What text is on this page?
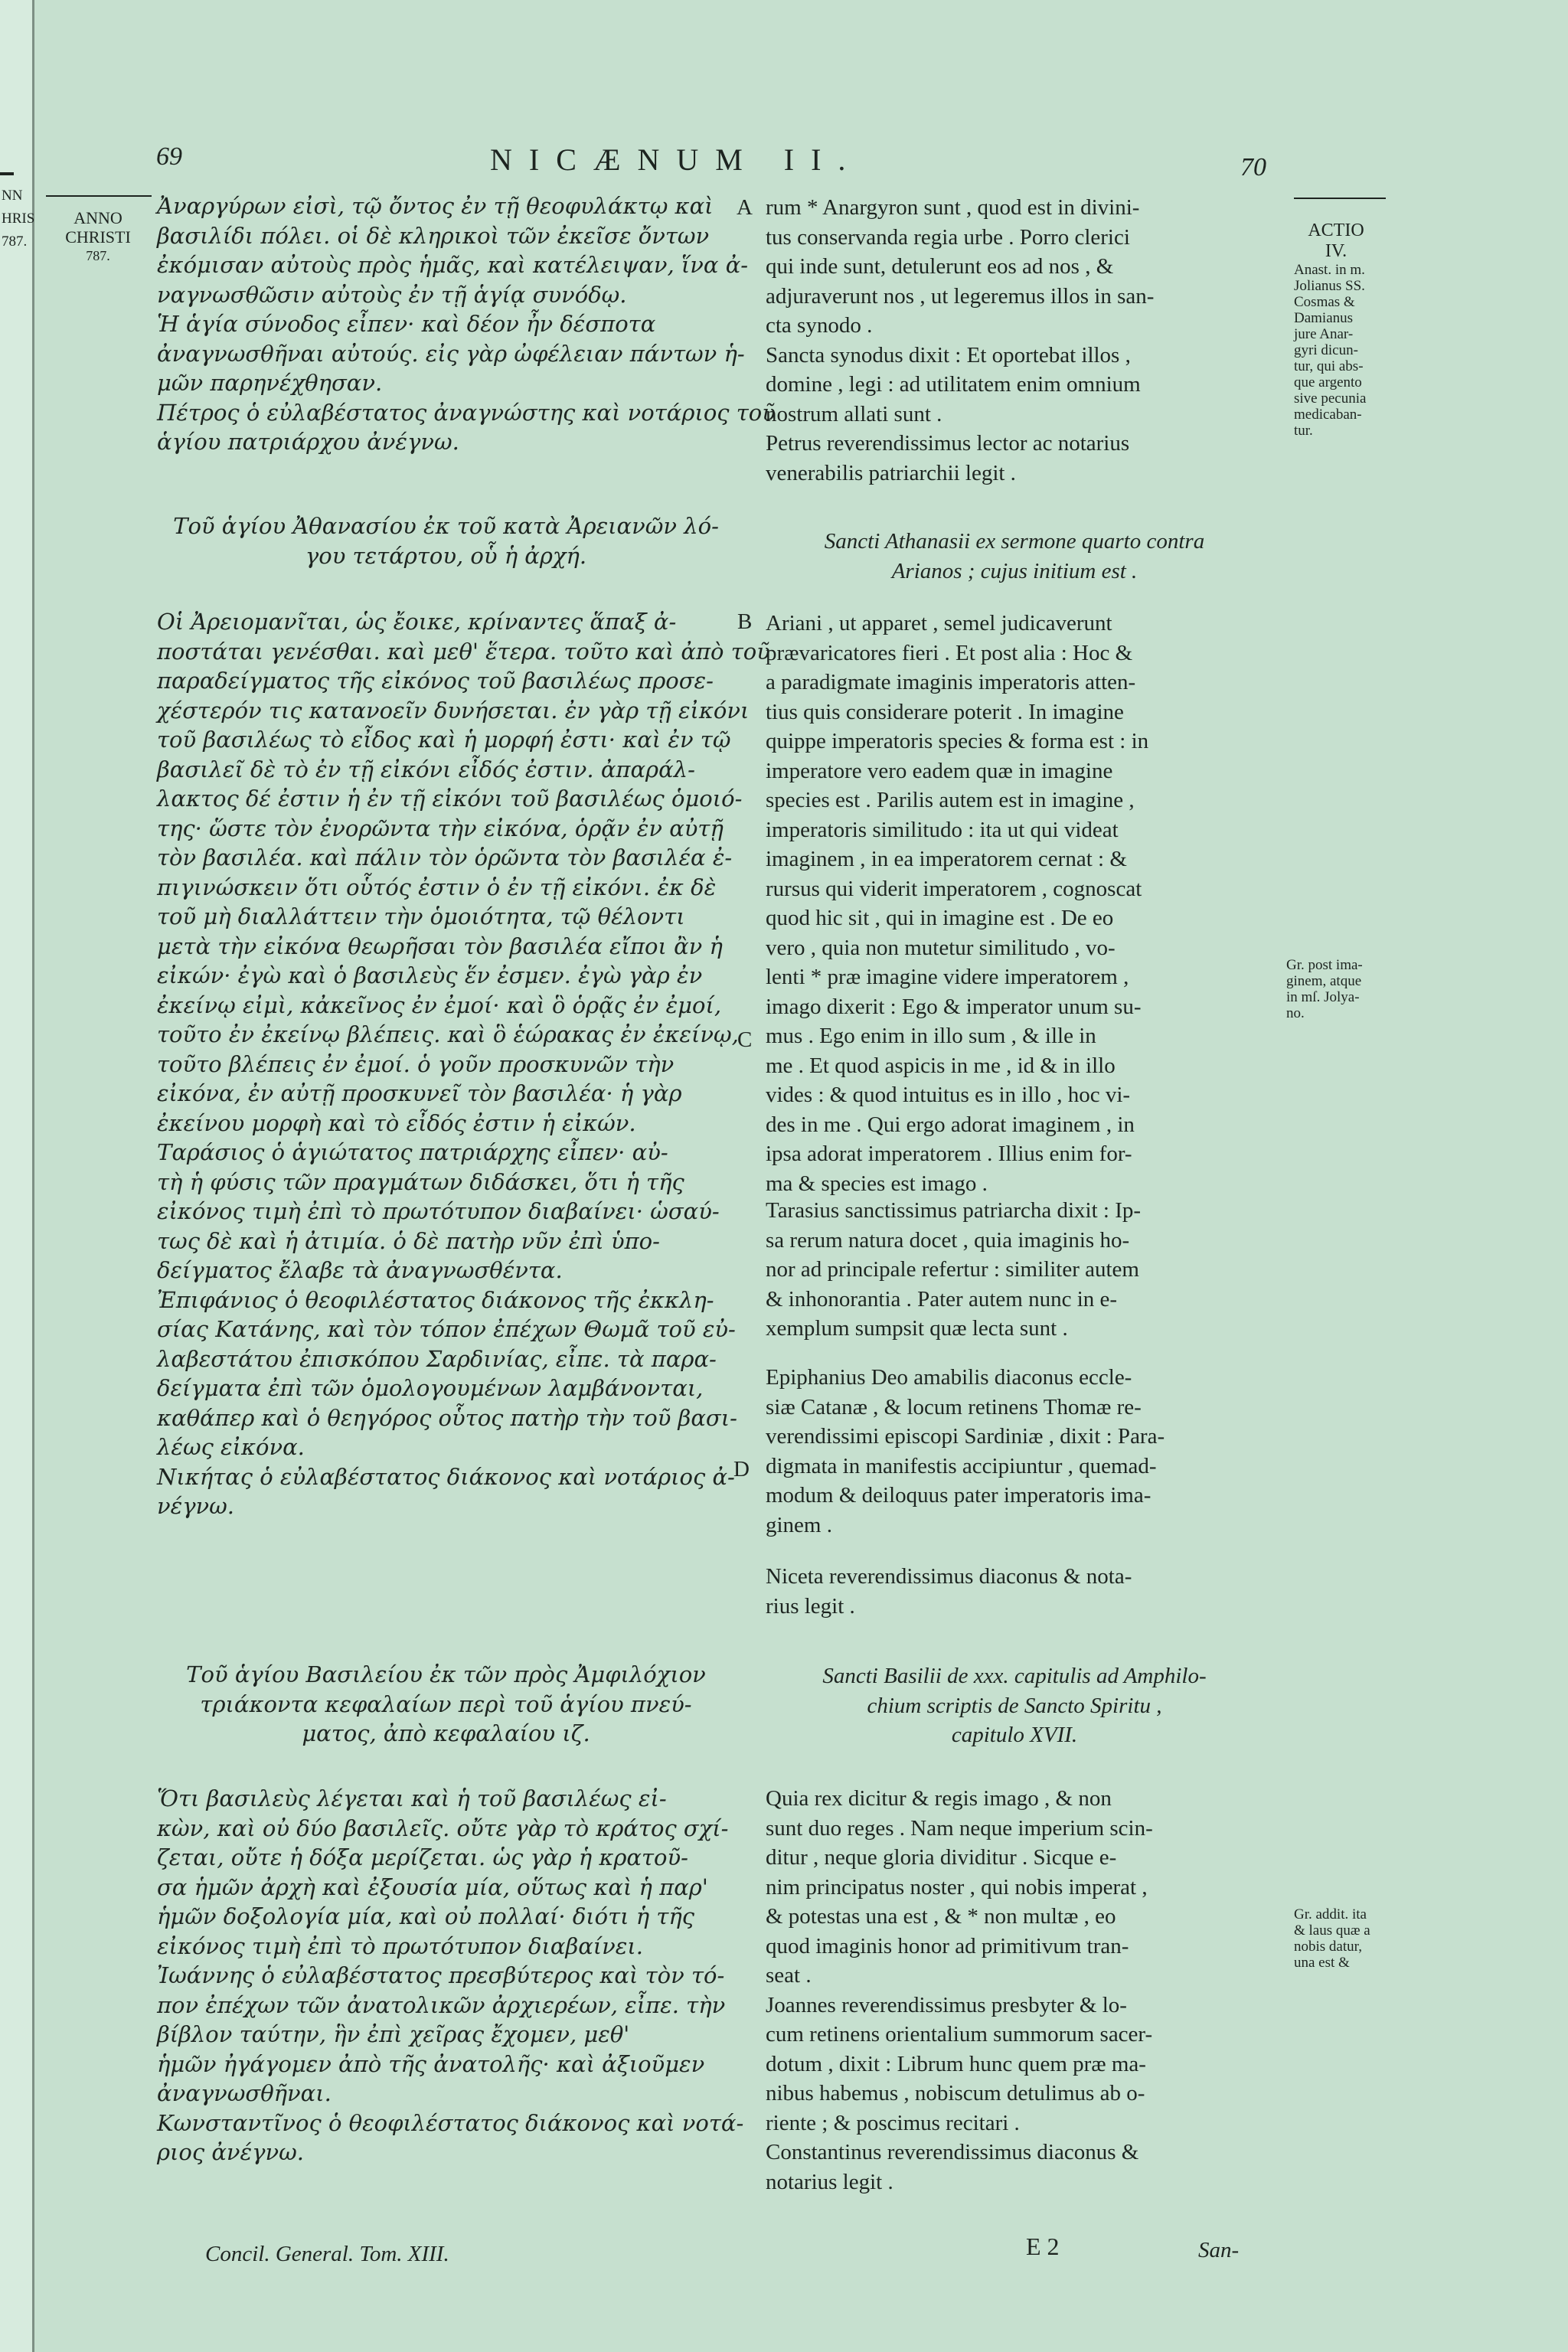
NN
HRIS
787.
69	NICÆNUM II.	70
ANNO
CHRISTI
787.
ACTIO
IV.
Anast. in m.
Jolianus SS.
Cosmas &
Damianus
jure Anar-
gyri dicun-
tur, qui abs-
que argento
sive pecunia
medicaban-
tur.
Gr. post ima-
ginem, atque
in mſ. Jolya-
no.
Gr. addit. ita
& laus quæ a
nobis datur,
una est &
A
B
C
D
Ἀναργύρων εἰσὶ, τῷ ὄντος ἐν τῇ θεοφυλάκτῳ καὶ
βασιλίδι πόλει. οἱ δὲ κληρικοὶ τῶν ἐκεῖσε ὄντων
ἐκόμισαν αὐτοὺς πρὸς ἡμᾶς, καὶ κατέλειψαν, ἵνα ἀ-
ναγνωσθῶσιν αὐτοὺς ἐν τῇ ἁγίᾳ συνόδῳ.
Ἡ ἁγία σύνοδος εἶπεν· καὶ δέον ἦν δέσποτα
ἀναγνωσθῆναι αὐτούς. εἰς γὰρ ὠφέλειαν πάντων ἡ-
μῶν παρηνέχθησαν.
Πέτρος ὁ εὐλαβέστατος ἀναγνώστης καὶ νοτάριος τοῦ
ἁγίου πατριάρχου ἀνέγνω.
Τοῦ ἁγίου Ἀθανασίου ἐκ τοῦ κατὰ Ἀρειανῶν λό-
γου τετάρτου, οὗ ἡ ἀρχή.
Οἱ Ἀρειομανῖται, ὡς ἔοικε, κρίναντες ἅπαξ ἀ-
ποστάται γενέσθαι. καὶ μεθ' ἕτερα. τοῦτο καὶ ἀπὸ τοῦ
παραδείγματος τῆς εἰκόνος τοῦ βασιλέως προσε-
χέστερόν τις κατανοεῖν δυνήσεται. ἐν γὰρ τῇ εἰκόνι
τοῦ βασιλέως τὸ εἶδος καὶ ἡ μορφή ἐστι· καὶ ἐν τῷ
βασιλεῖ δὲ τὸ ἐν τῇ εἰκόνι εἶδός ἐστιν. ἀπαράλ-
λακτος δέ ἐστιν ἡ ἐν τῇ εἰκόνι τοῦ βασιλέως ὁμοιό-
της· ὥστε τὸν ἐνορῶντα τὴν εἰκόνα, ὁρᾷν ἐν αὐτῇ
τὸν βασιλέα. καὶ πάλιν τὸν ὁρῶντα τὸν βασιλέα ἐ-
πιγινώσκειν ὅτι οὗτός ἐστιν ὁ ἐν τῇ εἰκόνι. ἐκ δὲ
τοῦ μὴ διαλλάττειν τὴν ὁμοιότητα, τῷ θέλοντι
μετὰ τὴν εἰκόνα θεωρῆσαι τὸν βασιλέα εἴποι ἂν ἡ
εἰκών· ἐγὼ καὶ ὁ βασιλεὺς ἕν ἐσμεν. ἐγὼ γὰρ ἐν
ἐκείνῳ εἰμὶ, κἀκεῖνος ἐν ἐμοί· καὶ ὃ ὁρᾷς ἐν ἐμοί,
τοῦτο ἐν ἐκείνῳ βλέπεις. καὶ ὃ ἑώρακας ἐν ἐκείνῳ,
τοῦτο βλέπεις ἐν ἐμοί. ὁ γοῦν προσκυνῶν τὴν
εἰκόνα, ἐν αὐτῇ προσκυνεῖ τὸν βασιλέα· ἡ γὰρ
ἐκείνου μορφὴ καὶ τὸ εἶδός ἐστιν ἡ εἰκών.
Ταράσιος ὁ ἁγιώτατος πατριάρχης εἶπεν· αὐ-
τὴ ἡ φύσις τῶν πραγμάτων διδάσκει, ὅτι ἡ τῆς
εἰκόνος τιμὴ ἐπὶ τὸ πρωτότυπον διαβαίνει· ὡσαύ-
τως δὲ καὶ ἡ ἀτιμία. ὁ δὲ πατὴρ νῦν ἐπὶ ὑπο-
δείγματος ἔλαβε τὰ ἀναγνωσθέντα.
Ἐπιφάνιος ὁ θεοφιλέστατος διάκονος τῆς ἐκκλη-
σίας Κατάνης, καὶ τὸν τόπον ἐπέχων Θωμᾶ τοῦ εὐ-
λαβεστάτου ἐπισκόπου Σαρδινίας, εἶπε. τὰ παρα-
δείγματα ἐπὶ τῶν ὁμολογουμένων λαμβάνονται,
καθάπερ καὶ ὁ θεηγόρος οὗτος πατὴρ τὴν τοῦ βασι-
λέως εἰκόνα.
Νικήτας ὁ εὐλαβέστατος διάκονος καὶ νοτάριος ἀ-
νέγνω.
Τοῦ ἁγίου Βασιλείου ἐκ τῶν πρὸς Ἀμφιλόχιον
τριάκοντα κεφαλαίων περὶ τοῦ ἁγίου πνεύ-
ματος, ἀπὸ κεφαλαίου ιζ.
Ὅτι βασιλεὺς λέγεται καὶ ἡ τοῦ βασιλέως εἰ-
κὼν, καὶ οὐ δύο βασιλεῖς. οὔτε γὰρ τὸ κράτος σχί-
ζεται, οὔτε ἡ δόξα μερίζεται. ὡς γὰρ ἡ κρατοῦ-
σα ἡμῶν ἀρχὴ καὶ ἐξουσία μία, οὕτως καὶ ἡ παρ'
ἡμῶν δοξολογία μία, καὶ οὐ πολλαί· διότι ἡ τῆς
εἰκόνος τιμὴ ἐπὶ τὸ πρωτότυπον διαβαίνει.
Ἰωάννης ὁ εὐλαβέστατος πρεσβύτερος καὶ τὸν τό-
πον ἐπέχων τῶν ἀνατολικῶν ἀρχιερέων, εἶπε. τὴν
βίβλον ταύτην, ἣν ἐπὶ χεῖρας ἔχομεν, μεθ'
ἡμῶν ἠγάγομεν ἀπὸ τῆς ἀνατολῆς· καὶ ἀξιοῦμεν
ἀναγνωσθῆναι.
Κωνσταντῖνος ὁ θεοφιλέστατος διάκονος καὶ νοτά-
ριος ἀνέγνω.
rum * Anargyron sunt , quod est in divini-
tus conservanda regia urbe . Porro clerici
qui inde sunt, detulerunt eos ad nos , &
adjuraverunt nos , ut legeremus illos in san-
cta synodo .
Sancta synodus dixit : Et oportebat illos ,
domine , legi : ad utilitatem enim omnium
nostrum allati sunt .
Petrus reverendissimus lector ac notarius
venerabilis patriarchii legit .
Sancti Athanasii ex sermone quarto contra
Arianos ; cujus initium est .
Ariani , ut apparet , semel judicaverunt
prævaricatores fieri . Et post alia : Hoc &
a paradigmate imaginis imperatoris atten-
tius quis considerare poterit . In imagine
quippe imperatoris species & forma est : in
imperatore vero eadem quæ in imagine
species est . Parilis autem est in imagine ,
imperatoris similitudo : ita ut qui videat
imaginem , in ea imperatorem cernat : &
rursus qui viderit imperatorem , cognoscat
quod hic sit , qui in imagine est . De eo
vero , quia non mutetur similitudo , vo-
lenti * præ imagine videre imperatorem ,
imago dixerit : Ego & imperator unum su-
mus . Ego enim in illo sum , & ille in
me . Et quod aspicis in me , id & in illo
vides : & quod intuitus es in illo , hoc vi-
des in me . Qui ergo adorat imaginem , in
ipsa adorat imperatorem . Illius enim for-
ma & species est imago .
Tarasius sanctissimus patriarcha dixit : Ip-
sa rerum natura docet , quia imaginis ho-
nor ad principale refertur : similiter autem
& inhonorantia . Pater autem nunc in e-
xemplum sumpsit quæ lecta sunt .
Epiphanius Deo amabilis diaconus eccle-
siæ Catanæ , & locum retinens Thomæ re-
verendissimi episcopi Sardiniæ , dixit : Para-
digmata in manifestis accipiuntur , quemad-
modum & deiloquus pater imperatoris ima-
ginem .
Niceta reverendissimus diaconus & nota-
rius legit .
Sancti Basilii de xxx. capitulis ad Amphilo-
chium scriptis de Sancto Spiritu ,
capitulo XVII.
Quia rex dicitur & regis imago , & non
sunt duo reges . Nam neque imperium scin-
ditur , neque gloria dividitur . Sicque e-
nim principatus noster , qui nobis imperat ,
& potestas una est , & * non multæ , eo
quod imaginis honor ad primitivum tran-
seat .
Joannes reverendissimus presbyter & lo-
cum retinens orientalium summorum sacer-
dotum , dixit : Librum hunc quem præ ma-
nibus habemus , nobiscum detulimus ab o-
riente ; & poscimus recitari .
Constantinus reverendissimus diaconus &
notarius legit .
Concil. General. Tom. XIII.	E 2	San-
